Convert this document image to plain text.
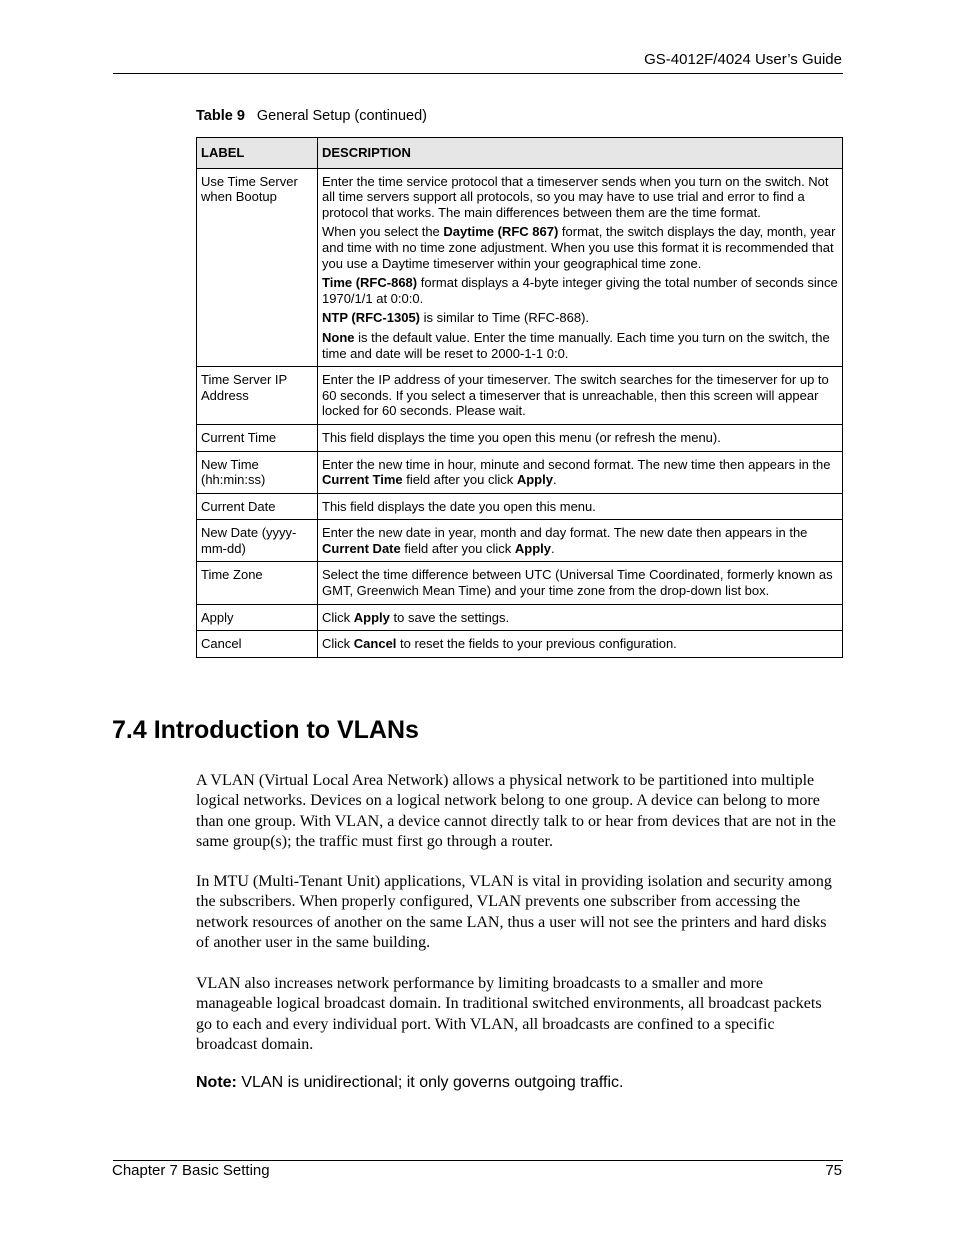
GS-4012F/4024 User’s Guide
Table 9 General Setup (continued)
LABEL	DESCRIPTION
Use Time Server when Bootup	Enter the time service protocol that a timeserver sends when you turn on the switch. Not all time servers support all protocols, so you may have to use trial and error to find a protocol that works. The main differences between them are the time format.

When you select the Daytime (RFC 867) format, the switch displays the day, month, year and time with no time zone adjustment. When you use this format it is recommended that you use a Daytime timeserver within your geographical time zone.

Time (RFC-868) format displays a 4-byte integer giving the total number of seconds since 1970/1/1 at 0:0:0.

NTP (RFC-1305) is similar to Time (RFC-868).

None is the default value. Enter the time manually. Each time you turn on the switch, the time and date will be reset to 2000-1-1 0:0.

Time Server IP Address	Enter the IP address of your timeserver. The switch searches for the timeserver for up to 60 seconds. If you select a timeserver that is unreachable, then this screen will appear locked for 60 seconds. Please wait.

Current Time	This field displays the time you open this menu (or refresh the menu).

New Time (hh:min:ss)	Enter the new time in hour, minute and second format. The new time then appears in the Current Time field after you click Apply.

Current Date	This field displays the date you open this menu.

New Date (yyyy-mm-dd)	Enter the new date in year, month and day format. The new date then appears in the Current Date field after you click Apply.

Time Zone	Select the time difference between UTC (Universal Time Coordinated, formerly known as GMT, Greenwich Mean Time) and your time zone from the drop-down list box.

Apply	Click Apply to save the settings.

Cancel	Click Cancel to reset the fields to your previous configuration.

7.4 Introduction to VLANs

A VLAN (Virtual Local Area Network) allows a physical network to be partitioned into multiple logical networks. Devices on a logical network belong to one group. A device can belong to more than one group. With VLAN, a device cannot directly talk to or hear from devices that are not in the same group(s); the traffic must first go through a router.

In MTU (Multi-Tenant Unit) applications, VLAN is vital in providing isolation and security among the subscribers. When properly configured, VLAN prevents one subscriber from accessing the network resources of another on the same LAN, thus a user will not see the printers and hard disks of another user in the same building.

VLAN also increases network performance by limiting broadcasts to a smaller and more manageable logical broadcast domain. In traditional switched environments, all broadcast packets go to each and every individual port. With VLAN, all broadcasts are confined to a specific broadcast domain.

Note: VLAN is unidirectional; it only governs outgoing traffic.
Chapter 7 Basic Setting	75
